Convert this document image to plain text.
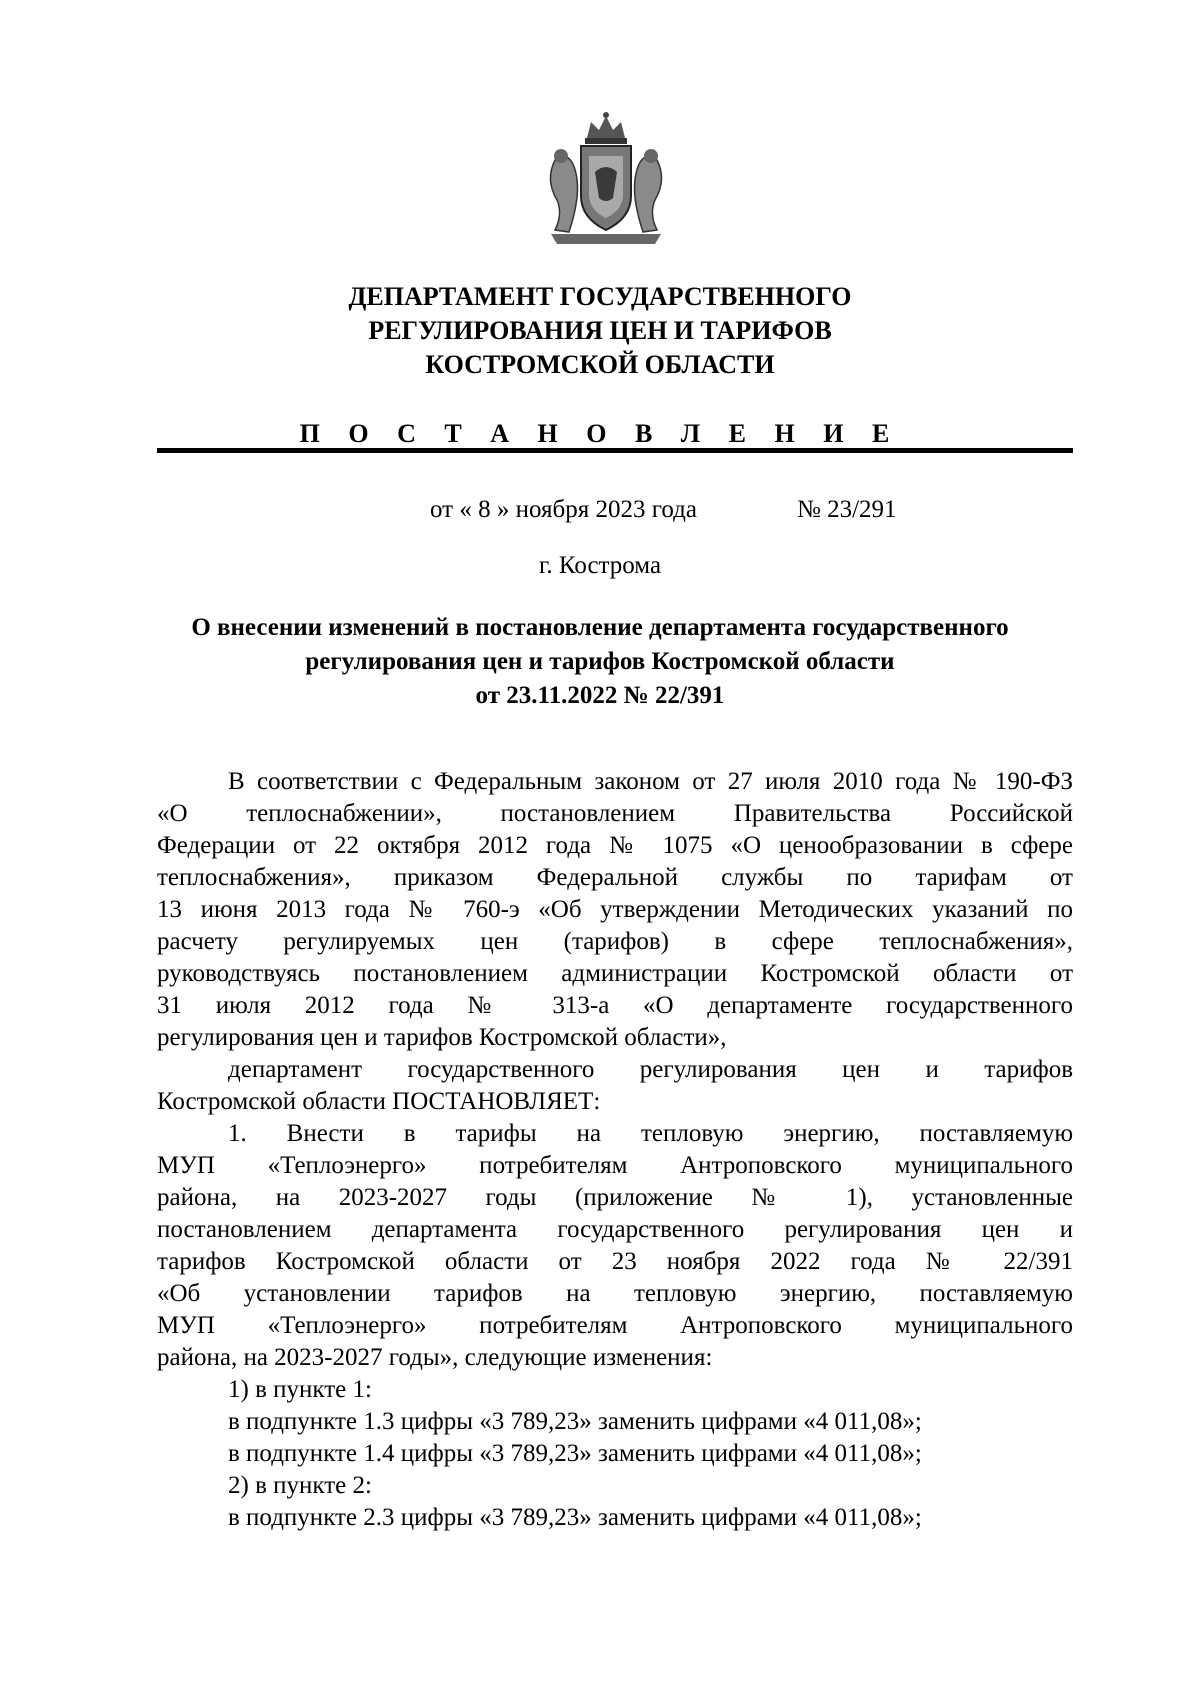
ДЕПАРТАМЕНТ ГОСУДАРСТВЕННОГО
РЕГУЛИРОВАНИЯ ЦЕН И ТАРИФОВ
КОСТРОМСКОЙ ОБЛАСТИ
П О С Т А Н О В Л Е Н И Е
от « 8 » ноября 2023 года	№ 23/291
г. Кострома
О внесении изменений в постановление департамента государственного
регулирования цен и тарифов Костромской области
от 23.11.2022 № 22/391
В соответствии с Федеральным законом от 27 июля 2010 года № 190-ФЗ
«О теплоснабжении», постановлением Правительства Российской
Федерации от 22 октября 2012 года № 1075 «О ценообразовании в сфере
теплоснабжения», приказом Федеральной службы по тарифам от
13 июня 2013 года № 760-э «Об утверждении Методических указаний по
расчету регулируемых цен (тарифов) в сфере теплоснабжения»,
руководствуясь постановлением администрации Костромской области от
31 июля 2012 года № 313-а «О департаменте государственного
регулирования цен и тарифов Костромской области»,
департамент государственного регулирования цен и тарифов
Костромской области ПОСТАНОВЛЯЕТ:
1. Внести в тарифы на тепловую энергию, поставляемую
МУП «Теплоэнерго» потребителям Антроповского муниципального
района, на 2023-2027 годы (приложение № 1), установленные
постановлением департамента государственного регулирования цен и
тарифов Костромской области от 23 ноября 2022 года № 22/391
«Об установлении тарифов на тепловую энергию, поставляемую
МУП «Теплоэнерго» потребителям Антроповского муниципального
района, на 2023-2027 годы», следующие изменения:
1) в пункте 1:
в подпункте 1.3 цифры «3 789,23» заменить цифрами «4 011,08»;
в подпункте 1.4 цифры «3 789,23» заменить цифрами «4 011,08»;
2) в пункте 2:
в подпункте 2.3 цифры «3 789,23» заменить цифрами «4 011,08»;
